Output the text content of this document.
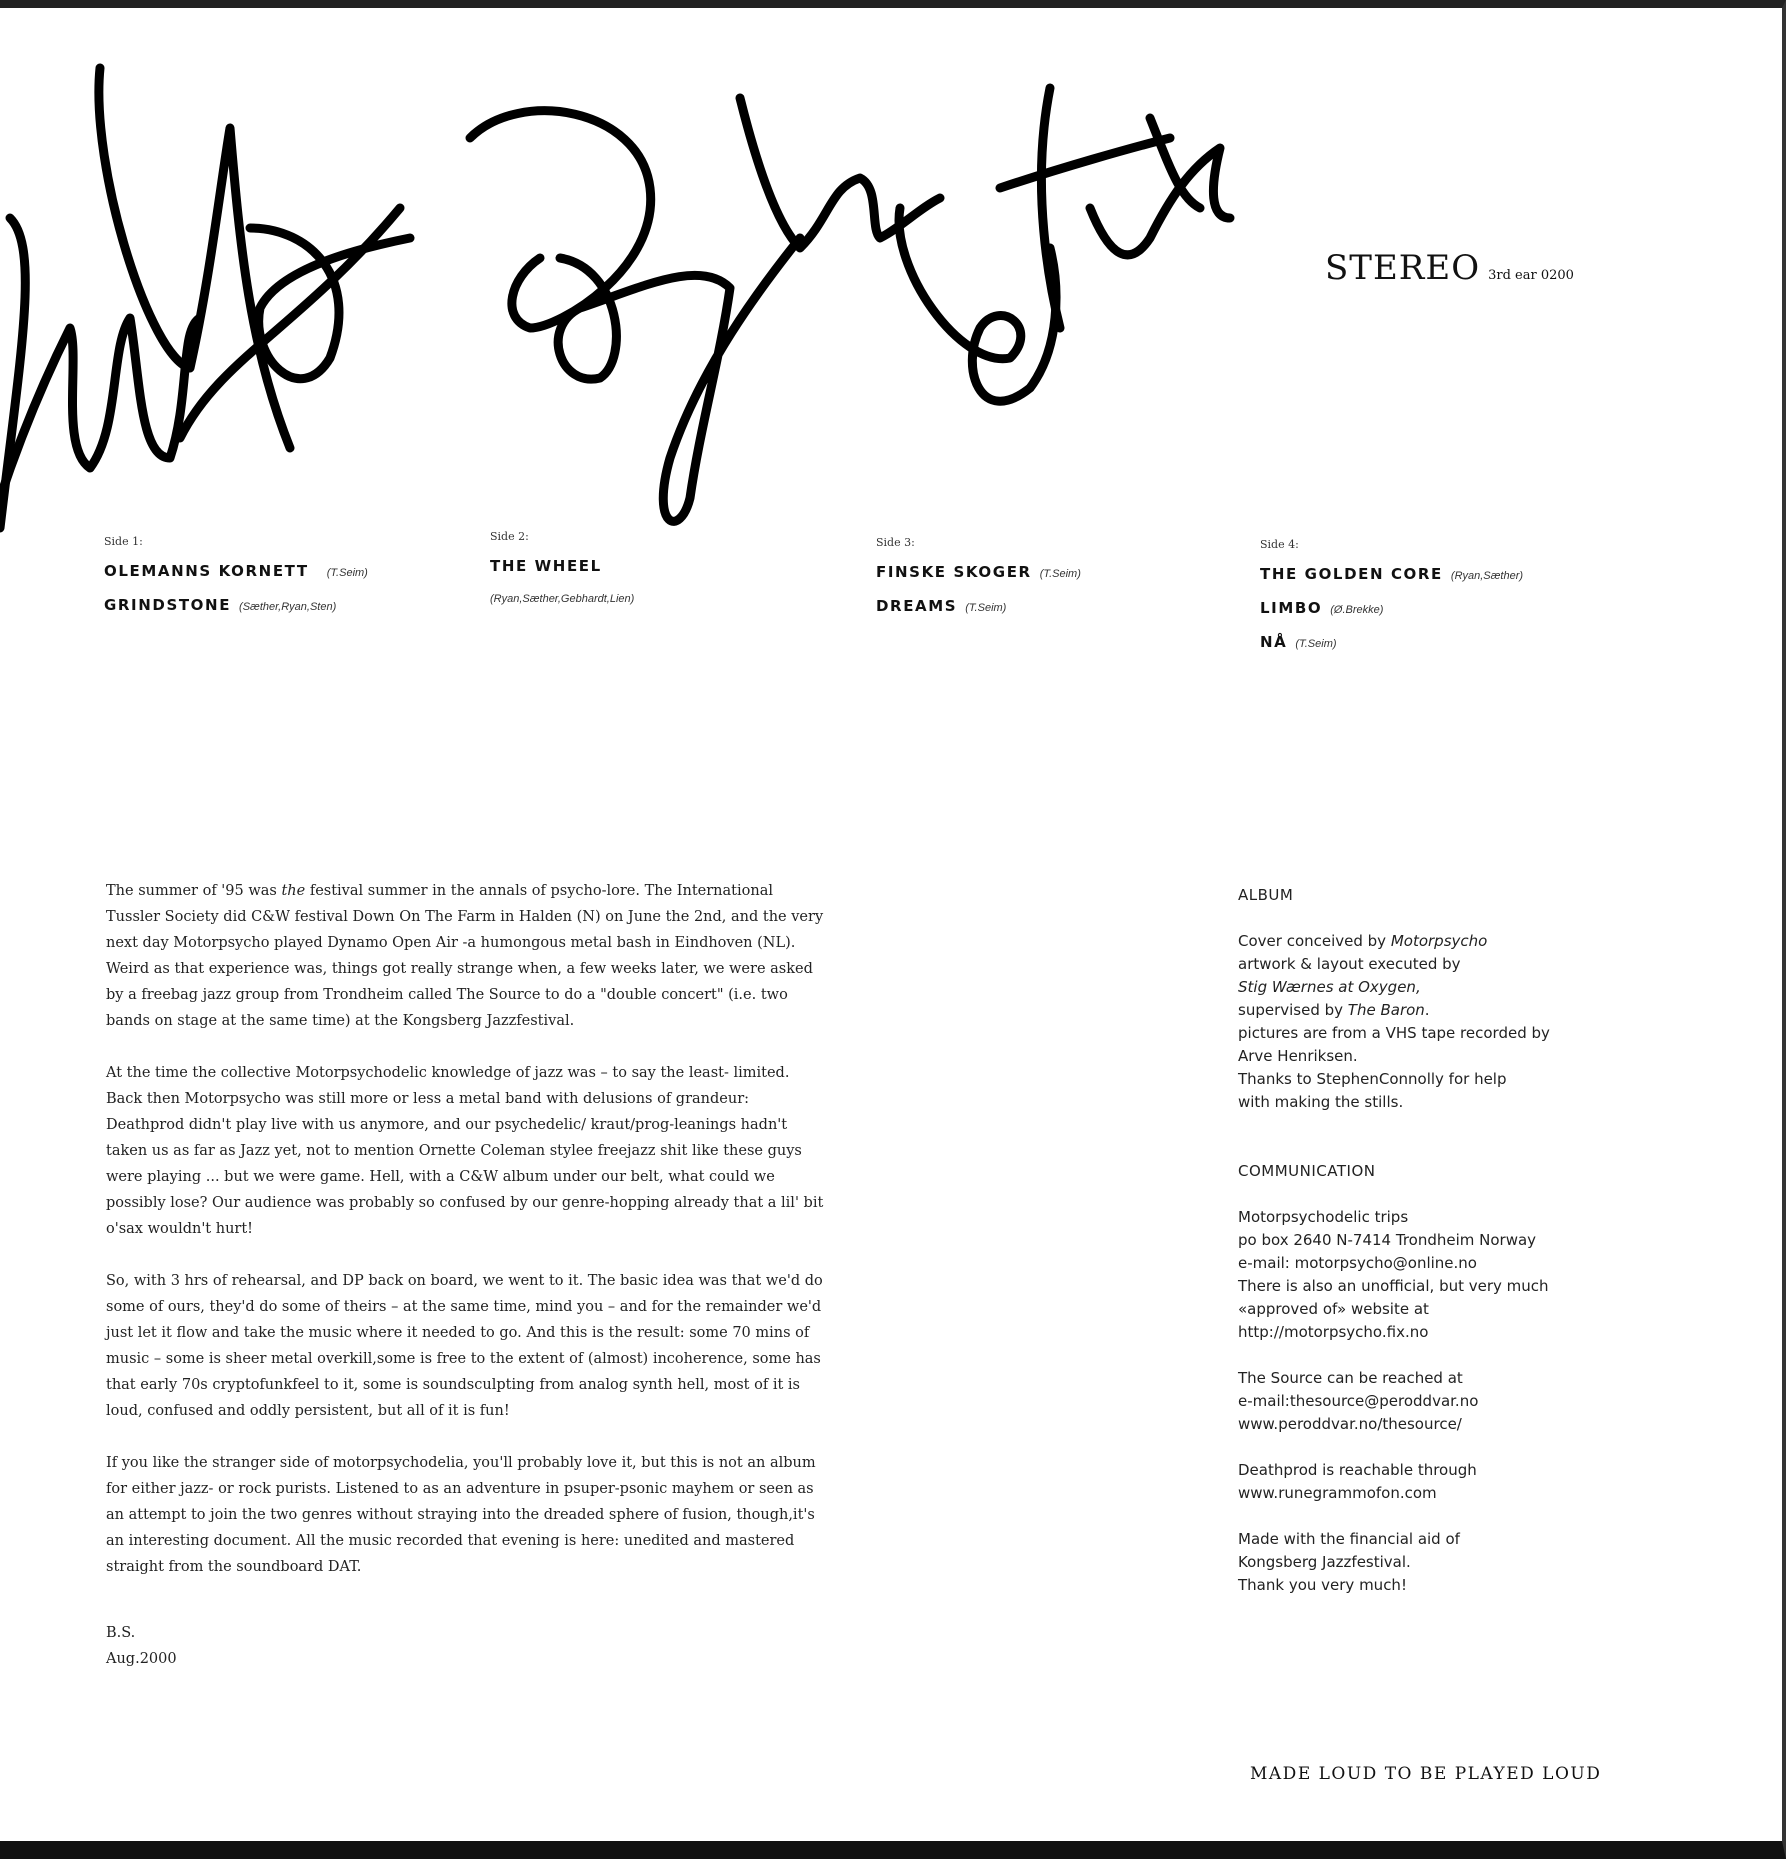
STEREO 3rd ear 0200
Side 1:
OLEMANNS KORNETT (T.Seim)
GRINDSTONE (Sæther,Ryan,Sten)
Side 2:
THE WHEEL
(Ryan,Sæther,Gebhardt,Lien)
Side 3:
FINSKE SKOGER (T.Seim)
DREAMS (T.Seim)
Side 4:
THE GOLDEN CORE (Ryan,Sæther)
LIMBO (Ø.Brekke)
NÅ (T.Seim)

The summer of '95 was the festival summer in the annals of psycho-lore. The International Tussler Society did C&W festival Down On The Farm in Halden (N) on June the 2nd, and the very next day Motorpsycho played Dynamo Open Air -a humongous metal bash in Eindhoven (NL). Weird as that experience was, things got really strange when, a few weeks later, we were asked by a freebag jazz group from Trondheim called The Source to do a "double concert" (i.e. two bands on stage at the same time) at the Kongsberg Jazzfestival.

At the time the collective Motorpsychodelic knowledge of jazz was – to say the least- limited. Back then Motorpsycho was still more or less a metal band with delusions of grandeur: Deathprod didn't play live with us anymore, and our psychedelic/ kraut/prog-leanings hadn't taken us as far as Jazz yet, not to mention Ornette Coleman stylee freejazz shit like these guys were playing ... but we were game. Hell, with a C&W album under our belt, what could we possibly lose? Our audience was probably so confused by our genre-hopping already that a lil' bit o'sax wouldn't hurt!

So, with 3 hrs of rehearsal, and DP back on board, we went to it. The basic idea was that we'd do some of ours, they'd do some of theirs – at the same time, mind you – and for the remainder we'd just let it flow and take the music where it needed to go. And this is the result: some 70 mins of music – some is sheer metal overkill,some is free to the extent of (almost) incoherence, some has that early 70s cryptofunkfeel to it, some is soundsculpting from analog synth hell, most of it is loud, confused and oddly persistent, but all of it is fun!

If you like the stranger side of motorpsychodelia, you'll probably love it, but this is not an album for either jazz- or rock purists. Listened to as an adventure in psuper-psonic mayhem or seen as an attempt to join the two genres without straying into the dreaded sphere of fusion, though,it's an interesting document. All the music recorded that evening is here: unedited and mastered straight from the soundboard DAT.

B.S.
Aug.2000
ALBUM
Cover conceived by Motorpsycho
artwork & layout executed by
Stig Wærnes at Oxygen,
supervised by The Baron.
pictures are from a VHS tape recorded by
Arve Henriksen.
Thanks to StephenConnolly for help
with making the stills.
COMMUNICATION
Motorpsychodelic trips
po box 2640 N-7414 Trondheim Norway
e-mail: motorpsycho@online.no
There is also an unofficial, but very much
«approved of» website at
http://motorpsycho.fix.no
The Source can be reached at
e-mail:thesource@peroddvar.no
www.peroddvar.no/thesource/
Deathprod is reachable through
www.runegrammofon.com
Made with the financial aid of
Kongsberg Jazzfestival.
Thank you very much!
MADE LOUD TO BE PLAYED LOUD
